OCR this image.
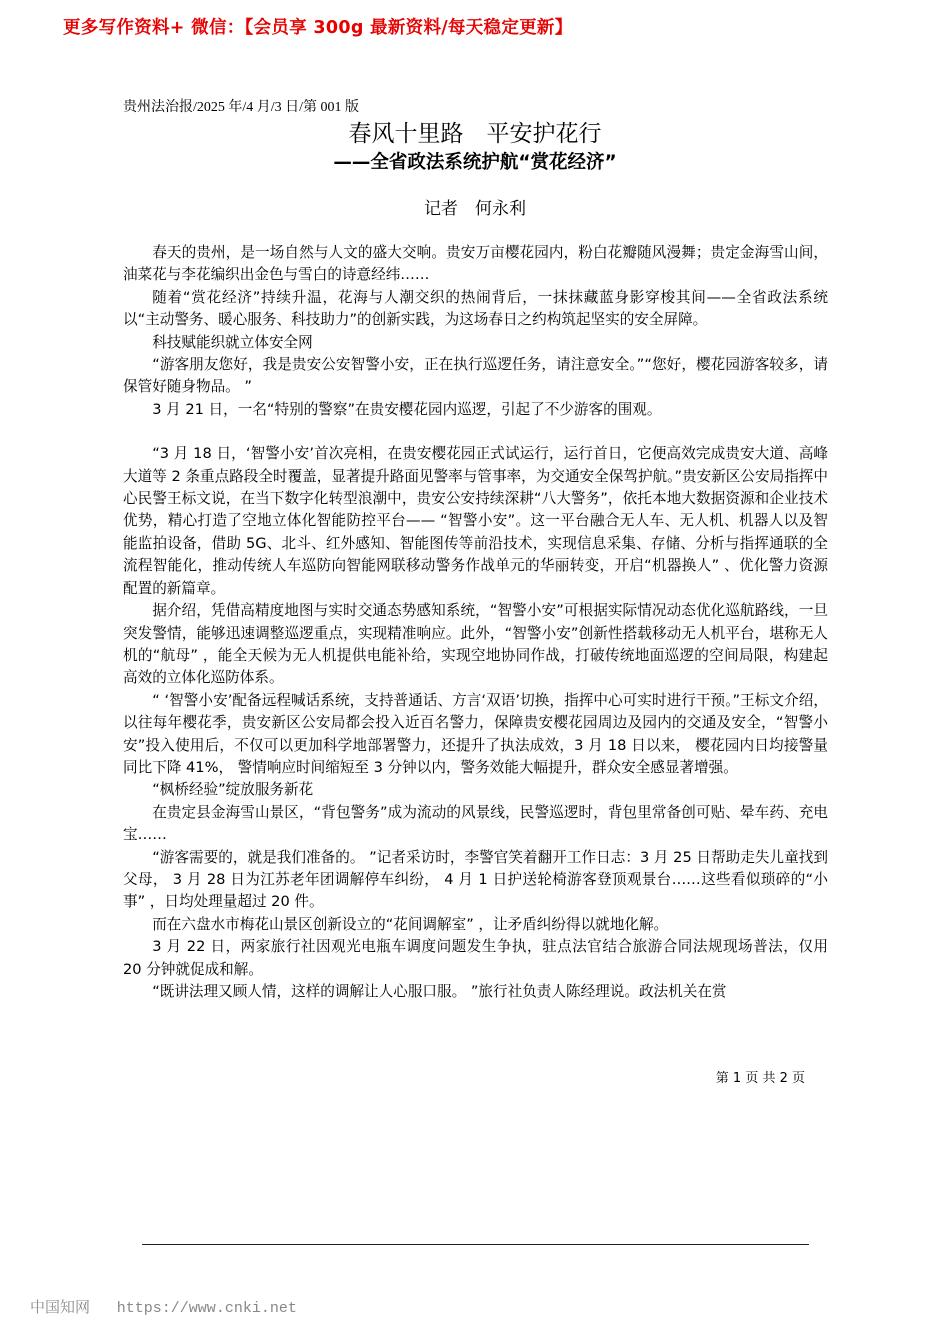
更多写作资料+ 微信：【会员享 300g 最新资料/每天稳定更新】
贵州法治报/2025 年/4 月/3 日/第 001 版
春风十里路　平安护花行
——全省政法系统护航“赏花经济”
记者　何永利

春天的贵州，是一场自然与人文的盛大交响。贵安万亩樱花园内，粉白花瓣随风漫舞；贵定金海雪山间，油菜花与李花编织出金色与雪白的诗意经纬……

随着“赏花经济”持续升温，花海与人潮交织的热闹背后，一抹抹藏蓝身影穿梭其间——全省政法系统以“主动警务、暖心服务、科技助力”的创新实践，为这场春日之约构筑起坚实的安全屏障。

科技赋能织就立体安全网

“游客朋友您好，我是贵安公安智警小安，正在执行巡逻任务，请注意安全。”“您好，樱花园游客较多，请保管好随身物品。 ”

3 月 21 日，一名“特别的警察”在贵安樱花园内巡逻，引起了不少游客的围观。

“3 月 18 日，‘智警小安’首次亮相，在贵安樱花园正式试运行，运行首日，它便高效完成贵安大道、高峰大道等 2 条重点路段全时覆盖，显著提升路面见警率与管事率，为交通安全保驾护航。”贵安新区公安局指挥中心民警王标文说，在当下数字化转型浪潮中，贵安公安持续深耕“八大警务”，依托本地大数据资源和企业技术优势，精心打造了空地立体化智能防控平台—— “智警小安”。这一平台融合无人车、无人机、机器人以及智能监拍设备，借助 5G、北斗、红外感知、智能图传等前沿技术，实现信息采集、存储、分析与指挥通联的全流程智能化，推动传统人车巡防向智能网联移动警务作战单元的华丽转变，开启“机器换人” 、优化警力资源配置的新篇章。

据介绍，凭借高精度地图与实时交通态势感知系统，“智警小安”可根据实际情况动态优化巡航路线，一旦突发警情，能够迅速调整巡逻重点，实现精准响应。此外，“智警小安”创新性搭载移动无人机平台，堪称无人机的“航母” ，能全天候为无人机提供电能补给，实现空地协同作战，打破传统地面巡逻的空间局限，构建起高效的立体化巡防体系。

“ ‘智警小安’配备远程喊话系统，支持普通话、方言‘双语’切换，指挥中心可实时进行干预。”王标文介绍，以往每年樱花季，贵安新区公安局都会投入近百名警力，保障贵安樱花园周边及园内的交通及安全，“智警小安”投入使用后，不仅可以更加科学地部署警力，还提升了执法成效，3 月 18 日以来， 樱花园内日均接警量同比下降 41%， 警情响应时间缩短至 3 分钟以内，警务效能大幅提升，群众安全感显著增强。

“枫桥经验”绽放服务新花

在贵定县金海雪山景区，“背包警务”成为流动的风景线，民警巡逻时，背包里常备创可贴、晕车药、充电宝……

“游客需要的，就是我们准备的。 ”记者采访时，李警官笑着翻开工作日志：3 月 25 日帮助走失儿童找到父母， 3 月 28 日为江苏老年团调解停车纠纷， 4 月 1 日护送轮椅游客登顶观景台……这些看似琐碎的“小事” ，日均处理量超过 20 件。

而在六盘水市梅花山景区创新设立的“花间调解室” ，让矛盾纠纷得以就地化解。

3 月 22 日，两家旅行社因观光电瓶车调度问题发生争执，驻点法官结合旅游合同法规现场普法，仅用 20 分钟就促成和解。

“既讲法理又顾人情，这样的调解让人心服口服。 ”旅行社负责人陈经理说。政法机关在赏

第 1 页 共 2 页
中国知网 https://www.cnki.net
